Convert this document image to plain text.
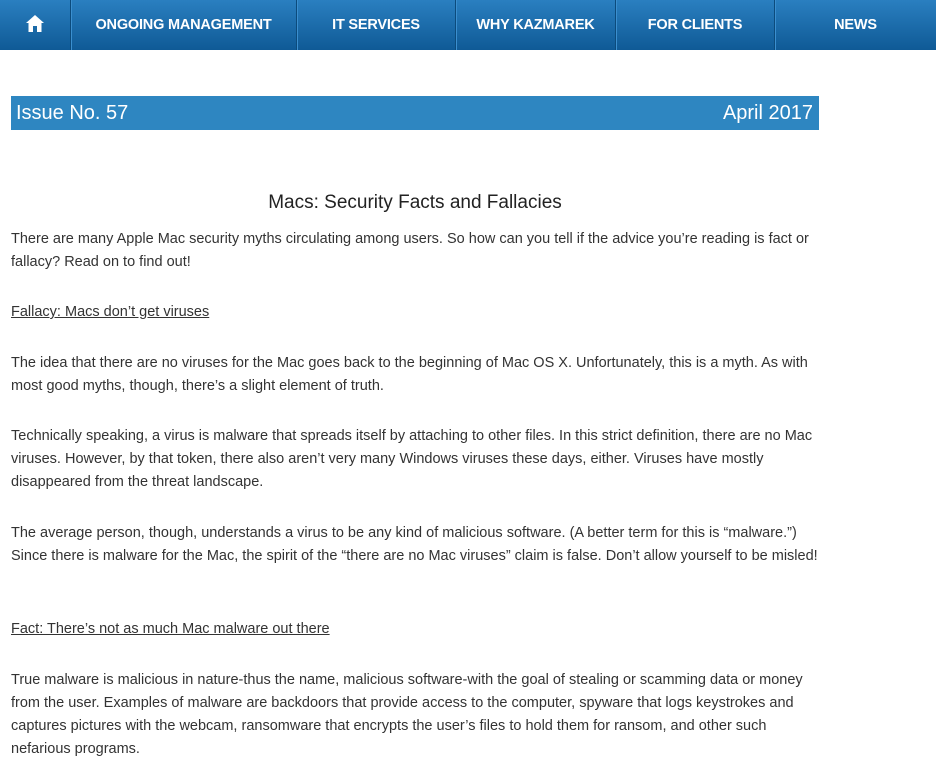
ONGOING MANAGEMENT	IT SERVICES	WHY KAZMAREK	FOR CLIENTS	NEWS
Issue No. 57	April 2017
Macs: Security Facts and Fallacies

There are many Apple Mac security myths circulating among users. So how can you tell if the advice you’re reading is fact or fallacy? Read on to find out!

Fallacy: Macs don’t get viruses

The idea that there are no viruses for the Mac goes back to the beginning of Mac OS X. Unfortunately, this is a myth. As with most good myths, though, there’s a slight element of truth.

Technically speaking, a virus is malware that spreads itself by attaching to other files. In this strict definition, there are no Mac viruses. However, by that token, there also aren’t very many Windows viruses these days, either. Viruses have mostly disappeared from the threat landscape.

The average person, though, understands a virus to be any kind of malicious software. (A better term for this is “malware.”) Since there is malware for the Mac, the spirit of the “there are no Mac viruses” claim is false. Don’t allow yourself to be misled!

Fact: There’s not as much Mac malware out there

True malware is malicious in nature-thus the name, malicious software-with the goal of stealing or scamming data or money from the user. Examples of malware are backdoors that provide access to the computer, spyware that logs keystrokes and captures pictures with the webcam, ransomware that encrypts the user’s files to hold them for ransom, and other such nefarious programs.
